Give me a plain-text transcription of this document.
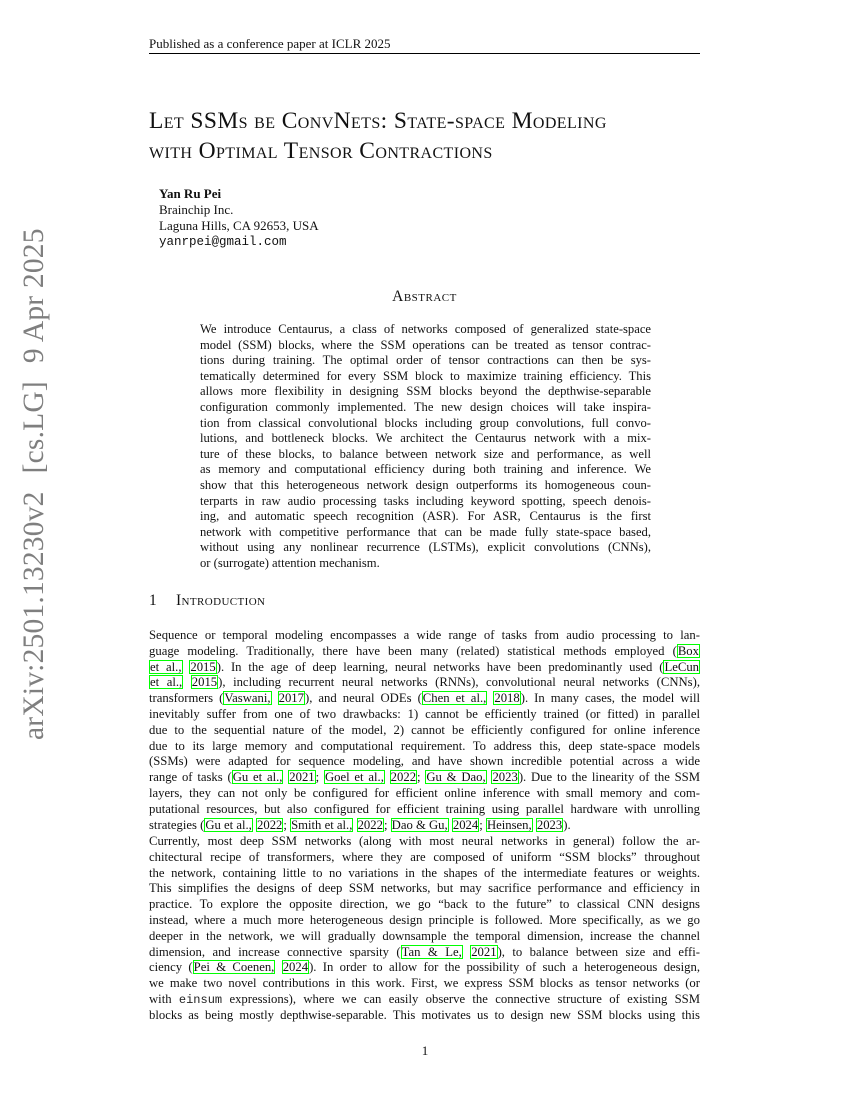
Published as a conference paper at ICLR 2025
arXiv:2501.13230v2[cs.LG]9 Apr 2025
Let SSMs be ConvNets: State-space Modeling
with Optimal Tensor Contractions
Yan Ru Pei
Brainchip Inc.
Laguna Hills, CA 92653, USA
yanrpei@gmail.com
Abstract
We introduce Centaurus, a class of networks composed of generalized state-space
model (SSM) blocks, where the SSM operations can be treated as tensor contrac-
tions during training. The optimal order of tensor contractions can then be sys-
tematically determined for every SSM block to maximize training efficiency. This
allows more flexibility in designing SSM blocks beyond the depthwise-separable
configuration commonly implemented. The new design choices will take inspira-
tion from classical convolutional blocks including group convolutions, full convo-
lutions, and bottleneck blocks. We architect the Centaurus network with a mix-
ture of these blocks, to balance between network size and performance, as well
as memory and computational efficiency during both training and inference. We
show that this heterogeneous network design outperforms its homogeneous coun-
terparts in raw audio processing tasks including keyword spotting, speech denois-
ing, and automatic speech recognition (ASR). For ASR, Centaurus is the first
network with competitive performance that can be made fully state-space based,
without using any nonlinear recurrence (LSTMs), explicit convolutions (CNNs),
or (surrogate) attention mechanism.
1 Introduction
Sequence or temporal modeling encompasses a wide range of tasks from audio processing to lan-
guage modeling. Traditionally, there have been many (related) statistical methods employed (Box
et al., 2015). In the age of deep learning, neural networks have been predominantly used (LeCun
et al., 2015), including recurrent neural networks (RNNs), convolutional neural networks (CNNs),
transformers (Vaswani, 2017), and neural ODEs (Chen et al., 2018). In many cases, the model will
inevitably suffer from one of two drawbacks: 1) cannot be efficiently trained (or fitted) in parallel
due to the sequential nature of the model, 2) cannot be efficiently configured for online inference
due to its large memory and computational requirement. To address this, deep state-space models
(SSMs) were adapted for sequence modeling, and have shown incredible potential across a wide
range of tasks (Gu et al., 2021; Goel et al., 2022; Gu & Dao, 2023). Due to the linearity of the SSM
layers, they can not only be configured for efficient online inference with small memory and com-
putational resources, but also configured for efficient training using parallel hardware with unrolling
strategies (Gu et al., 2022; Smith et al., 2022; Dao & Gu, 2024; Heinsen, 2023).
Currently, most deep SSM networks (along with most neural networks in general) follow the ar-
chitectural recipe of transformers, where they are composed of uniform “SSM blocks” throughout
the network, containing little to no variations in the shapes of the intermediate features or weights.
This simplifies the designs of deep SSM networks, but may sacrifice performance and efficiency in
practice. To explore the opposite direction, we go “back to the future” to classical CNN designs
instead, where a much more heterogeneous design principle is followed. More specifically, as we go
deeper in the network, we will gradually downsample the temporal dimension, increase the channel
dimension, and increase connective sparsity (Tan & Le, 2021), to balance between size and effi-
ciency (Pei & Coenen, 2024). In order to allow for the possibility of such a heterogeneous design,
we make two novel contributions in this work. First, we express SSM blocks as tensor networks (or
with einsum expressions), where we can easily observe the connective structure of existing SSM
blocks as being mostly depthwise-separable. This motivates us to design new SSM blocks using this
1
